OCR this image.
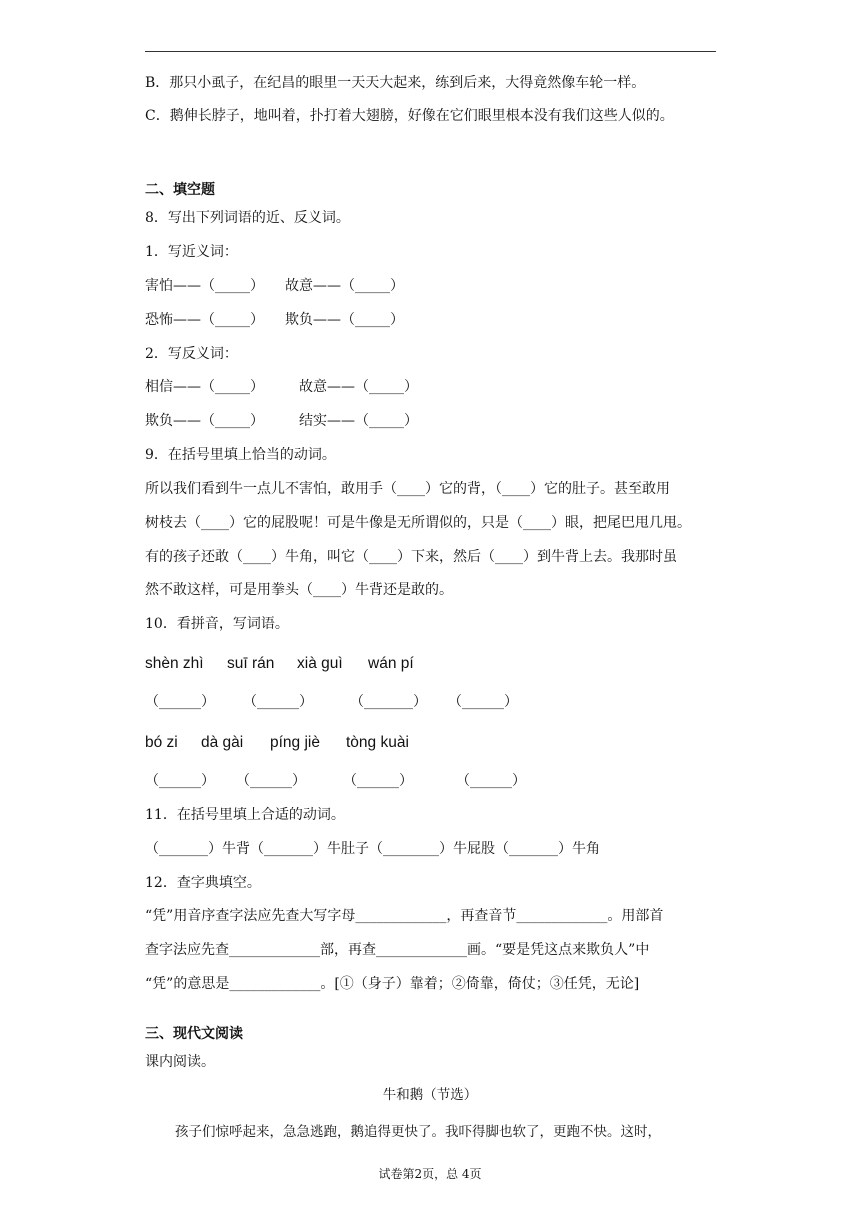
B．那只小虱子，在纪昌的眼里一天天大起来，练到后来，大得竟然像车轮一样。
C．鹅伸长脖子，地叫着，扑打着大翅膀，好像在它们眼里根本没有我们这些人似的。
二、填空题
8．写出下列词语的近、反义词。
1．写近义词：
害怕——（_____）　　故意——（_____）
恐怖——（_____）　　欺负——（_____）
2．写反义词：
相信——（_____）　　　故意——（_____）
欺负——（_____）　　　结实——（_____）
9．在括号里填上恰当的动词。
所以我们看到牛一点儿不害怕，敢用手（____）它的背，（____）它的肚子。甚至敢用
树枝去（____）它的屁股呢！可是牛像是无所谓似的，只是（____）眼，把尾巴甩几甩。
有的孩子还敢（____）牛角，叫它（____）下来，然后（____）到牛背上去。我那时虽
然不敢这样，可是用拳头（____）牛背还是敢的。
10．看拼音，写词语。
shèn zhì suī rán xià guì wán pí
（______） （______）	（_______） （______）
bó zi dà gài píng jiè tòng kuài
（______） （______）	（______）	（______）
11．在括号里填上合适的动词。
（_______）牛背（_______）牛肚子（________）牛屁股（_______）牛角
12．查字典填空。
“凭”用音序查字法应先查大写字母_____________，再查音节_____________。用部首
查字法应先查_____________部，再查_____________画。“要是凭这点来欺负人”中
“凭”的意思是_____________。[①（身子）靠着；②倚靠，倚仗；③任凭，无论]
三、现代文阅读
课内阅读。
牛和鹅（节选）
孩子们惊呼起来，急急逃跑，鹅追得更快了。我吓得脚也软了，更跑不快。这时，
试卷第2页，总 4页
